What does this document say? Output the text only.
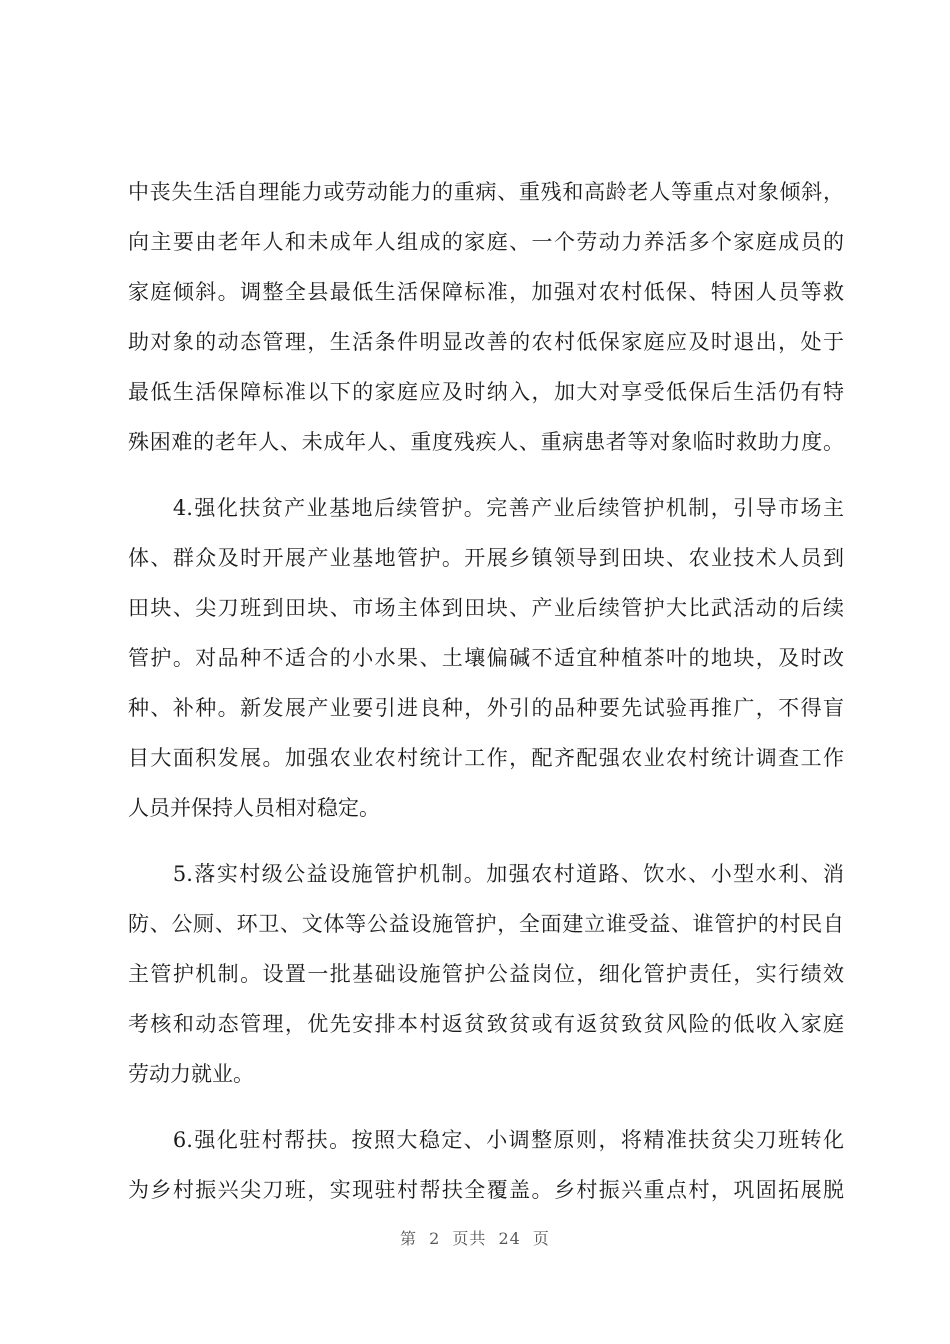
中丧失生活自理能力或劳动能力的重病、重残和高龄老人等重点对象倾斜，
向主要由老年人和未成年人组成的家庭、一个劳动力养活多个家庭成员的
家庭倾斜。调整全县最低生活保障标准，加强对农村低保、特困人员等救
助对象的动态管理，生活条件明显改善的农村低保家庭应及时退出，处于
最低生活保障标准以下的家庭应及时纳入，加大对享受低保后生活仍有特
殊困难的老年人、未成年人、重度残疾人、重病患者等对象临时救助力度。
　　4.强化扶贫产业基地后续管护。完善产业后续管护机制，引导市场主
体、群众及时开展产业基地管护。开展乡镇领导到田块、农业技术人员到
田块、尖刀班到田块、市场主体到田块、产业后续管护大比武活动的后续
管护。对品种不适合的小水果、土壤偏碱不适宜种植茶叶的地块，及时改
种、补种。新发展产业要引进良种，外引的品种要先试验再推广，不得盲
目大面积发展。加强农业农村统计工作，配齐配强农业农村统计调查工作
人员并保持人员相对稳定。
　　5.落实村级公益设施管护机制。加强农村道路、饮水、小型水利、消
防、公厕、环卫、文体等公益设施管护，全面建立谁受益、谁管护的村民自
主管护机制。设置一批基础设施管护公益岗位，细化管护责任，实行绩效
考核和动态管理，优先安排本村返贫致贫或有返贫致贫风险的低收入家庭
劳动力就业。
　　6.强化驻村帮扶。按照大稳定、小调整原则，将精准扶贫尖刀班转化
为乡村振兴尖刀班，实现驻村帮扶全覆盖。乡村振兴重点村，巩固拓展脱
第 2 页共 24 页
